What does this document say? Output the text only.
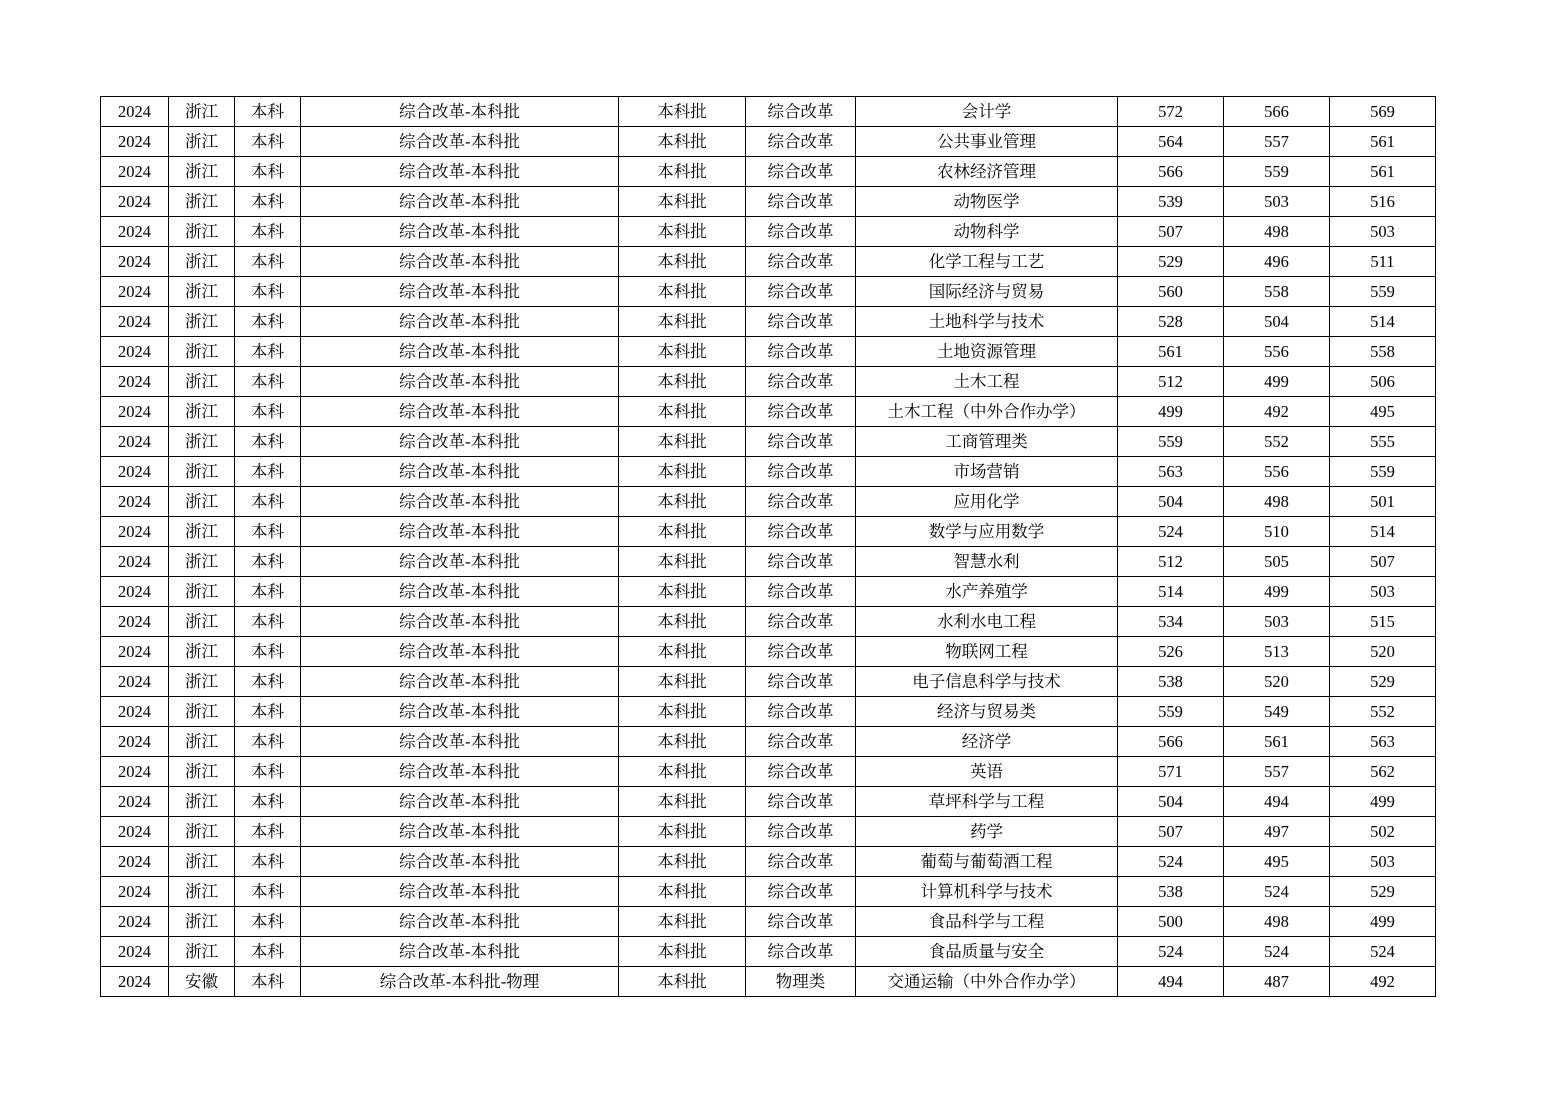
2024	浙江	本科	综合改革-本科批	本科批	综合改革	会计学	572	566	569
2024	浙江	本科	综合改革-本科批	本科批	综合改革	公共事业管理	564	557	561
2024	浙江	本科	综合改革-本科批	本科批	综合改革	农林经济管理	566	559	561
2024	浙江	本科	综合改革-本科批	本科批	综合改革	动物医学	539	503	516
2024	浙江	本科	综合改革-本科批	本科批	综合改革	动物科学	507	498	503
2024	浙江	本科	综合改革-本科批	本科批	综合改革	化学工程与工艺	529	496	511
2024	浙江	本科	综合改革-本科批	本科批	综合改革	国际经济与贸易	560	558	559
2024	浙江	本科	综合改革-本科批	本科批	综合改革	土地科学与技术	528	504	514
2024	浙江	本科	综合改革-本科批	本科批	综合改革	土地资源管理	561	556	558
2024	浙江	本科	综合改革-本科批	本科批	综合改革	土木工程	512	499	506
2024	浙江	本科	综合改革-本科批	本科批	综合改革	土木工程（中外合作办学）	499	492	495
2024	浙江	本科	综合改革-本科批	本科批	综合改革	工商管理类	559	552	555
2024	浙江	本科	综合改革-本科批	本科批	综合改革	市场营销	563	556	559
2024	浙江	本科	综合改革-本科批	本科批	综合改革	应用化学	504	498	501
2024	浙江	本科	综合改革-本科批	本科批	综合改革	数学与应用数学	524	510	514
2024	浙江	本科	综合改革-本科批	本科批	综合改革	智慧水利	512	505	507
2024	浙江	本科	综合改革-本科批	本科批	综合改革	水产养殖学	514	499	503
2024	浙江	本科	综合改革-本科批	本科批	综合改革	水利水电工程	534	503	515
2024	浙江	本科	综合改革-本科批	本科批	综合改革	物联网工程	526	513	520
2024	浙江	本科	综合改革-本科批	本科批	综合改革	电子信息科学与技术	538	520	529
2024	浙江	本科	综合改革-本科批	本科批	综合改革	经济与贸易类	559	549	552
2024	浙江	本科	综合改革-本科批	本科批	综合改革	经济学	566	561	563
2024	浙江	本科	综合改革-本科批	本科批	综合改革	英语	571	557	562
2024	浙江	本科	综合改革-本科批	本科批	综合改革	草坪科学与工程	504	494	499
2024	浙江	本科	综合改革-本科批	本科批	综合改革	药学	507	497	502
2024	浙江	本科	综合改革-本科批	本科批	综合改革	葡萄与葡萄酒工程	524	495	503
2024	浙江	本科	综合改革-本科批	本科批	综合改革	计算机科学与技术	538	524	529
2024	浙江	本科	综合改革-本科批	本科批	综合改革	食品科学与工程	500	498	499
2024	浙江	本科	综合改革-本科批	本科批	综合改革	食品质量与安全	524	524	524
2024	安徽	本科	综合改革-本科批-物理	本科批	物理类	交通运输（中外合作办学）	494	487	492
